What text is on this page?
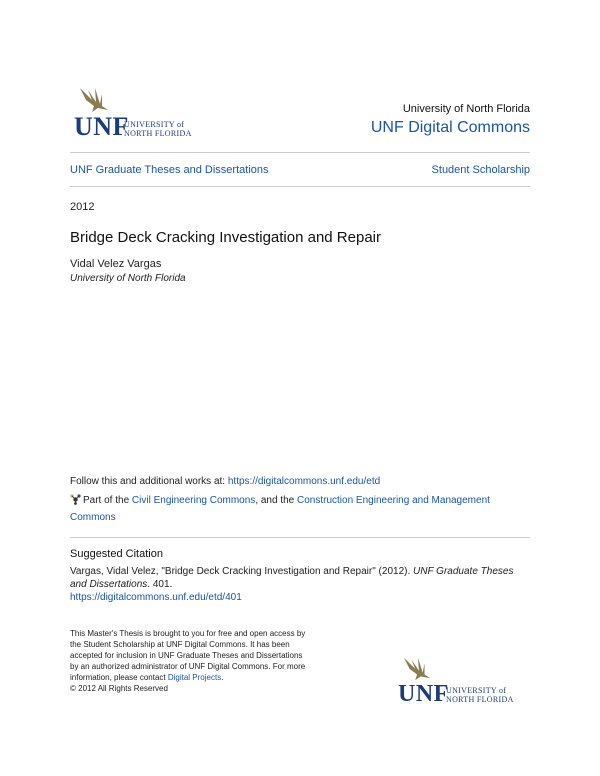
UNF
UNIVERSITY of
NORTH FLORIDA
University of North Florida
UNF Digital Commons
UNF Graduate Theses and Dissertations	Student Scholarship
2012
Bridge Deck Cracking Investigation and Repair
Vidal Velez Vargas
University of North Florida
Follow this and additional works at: https://digitalcommons.unf.edu/etd
Part of the Civil Engineering Commons, and the Construction Engineering and Management Commons
Suggested Citation
Vargas, Vidal Velez, "Bridge Deck Cracking Investigation and Repair" (2012). UNF Graduate Theses and Dissertations. 401.
https://digitalcommons.unf.edu/etd/401
This Master's Thesis is brought to you for free and open access by the Student Scholarship at UNF Digital Commons. It has been accepted for inclusion in UNF Graduate Theses and Dissertations by an authorized administrator of UNF Digital Commons. For more information, please contact Digital Projects.
© 2012 All Rights Reserved	UNF
UNIVERSITY of
NORTH FLORIDA
